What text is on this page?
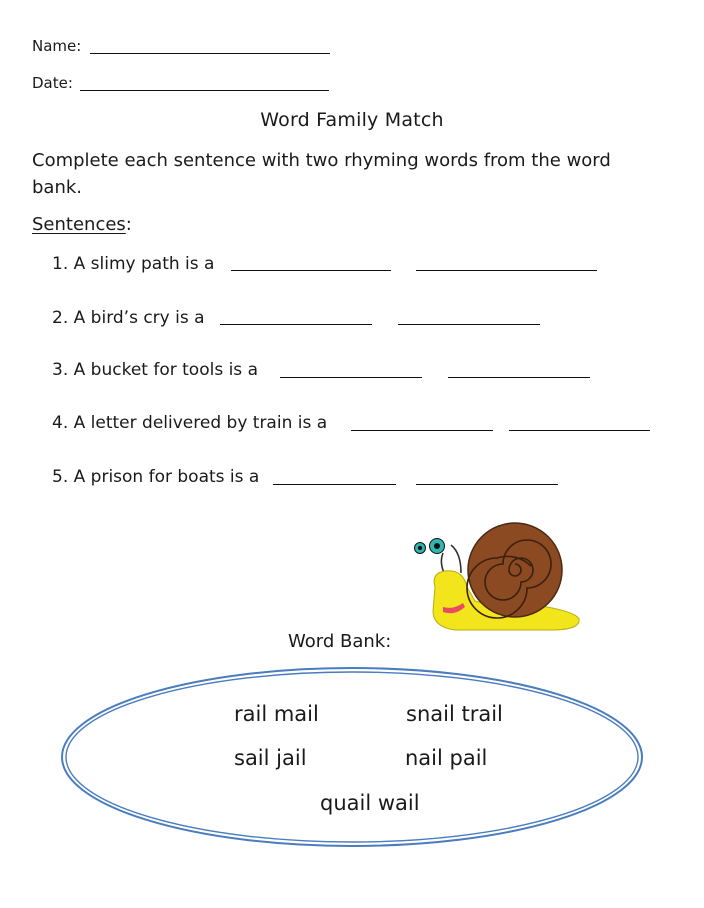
Name:
Date:
Word Family Match
Complete each sentence with two rhyming words from the word bank.
Sentences:
1. A slimy path is a
2. A bird’s cry is a
3. A bucket for tools is a
4. A letter delivered by train is a
5. A prison for boats is a
Word Bank:
rail mail	snail trail
sail jail	nail pail
quail wail
